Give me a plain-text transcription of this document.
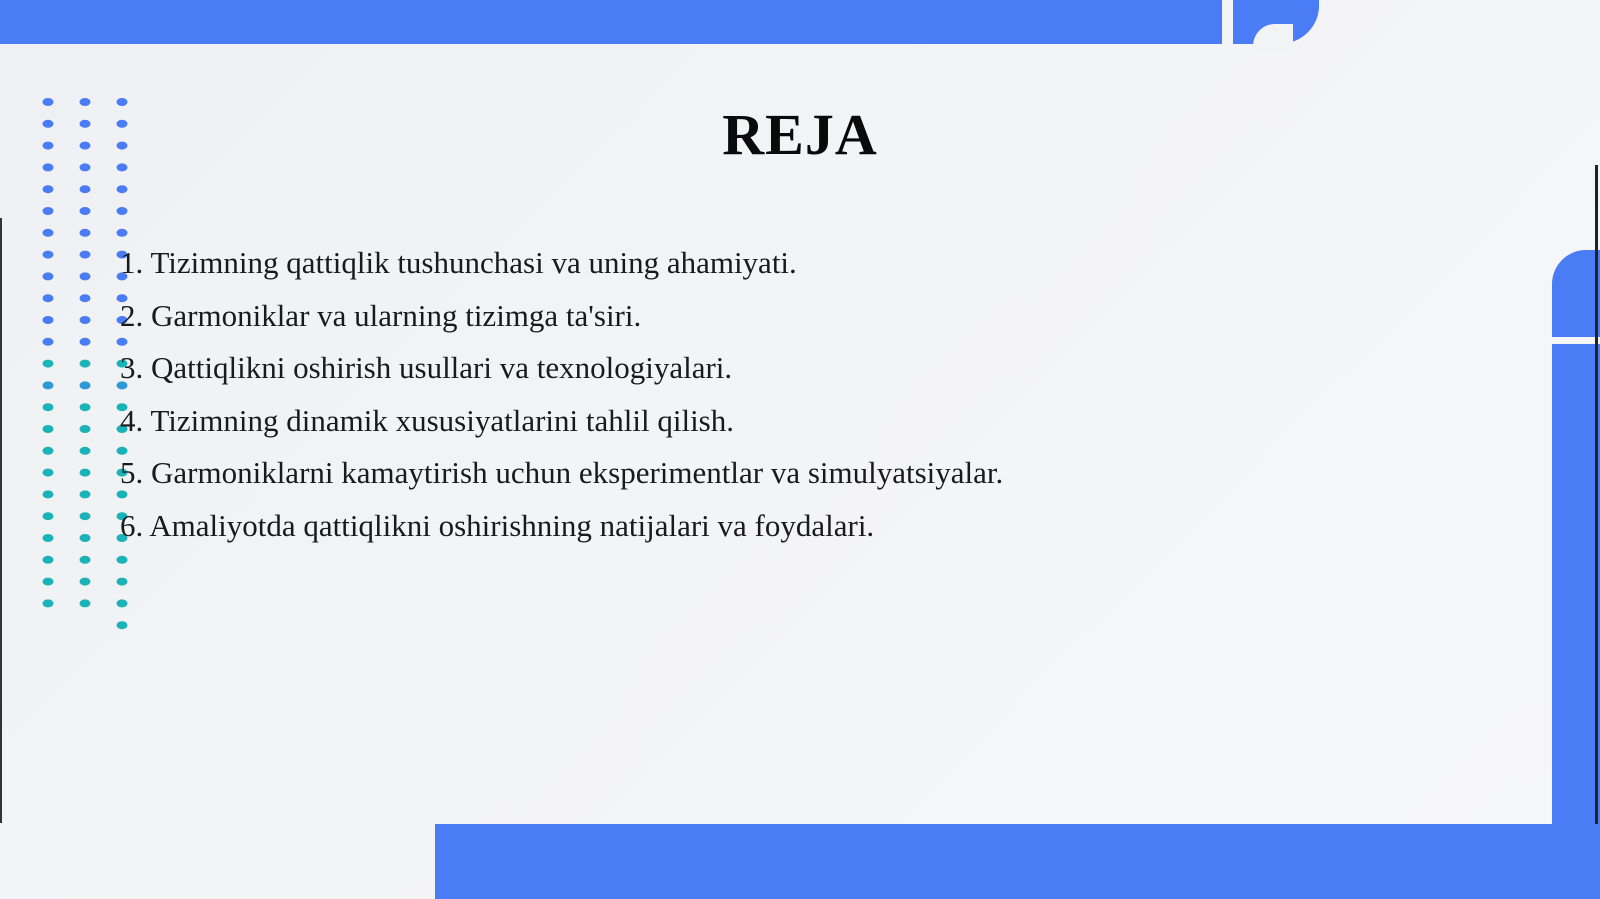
REJA
1. Tizimning qattiqlik tushunchasi va uning ahamiyati.
2. Garmoniklar va ularning tizimga ta'siri.
3. Qattiqlikni oshirish usullari va texnologiyalari.
4. Tizimning dinamik xususiyatlarini tahlil qilish.
5. Garmoniklarni kamaytirish uchun eksperimentlar va simulyatsiyalar.
6. Amaliyotda qattiqlikni oshirishning natijalari va foydalari.
